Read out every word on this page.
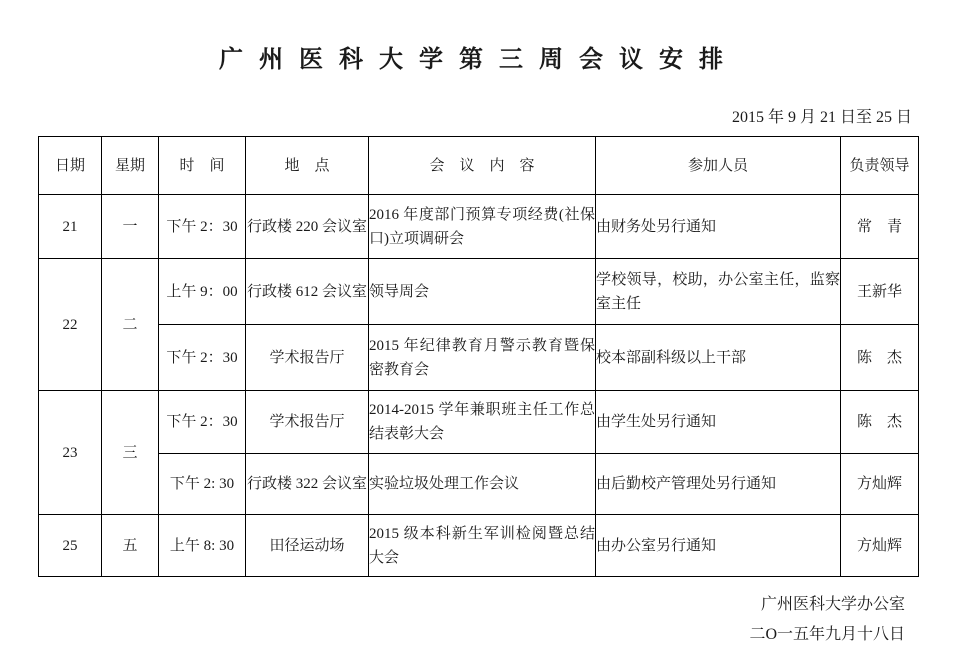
广州医科大学第三周会议安排
2015 年 9 月 21 日至 25 日
日期	星期	时　间	地　点	会　议　内　容	参加人员	负责领导
21	一	下午 2：30	行政楼 220 会议室	2016 年度部门预算专项经费(社保口)立项调研会	由财务处另行通知	常　青
22	二	上午 9：00	行政楼 612 会议室	领导周会	学校领导，校助，办公室主任，监察室主任	王新华
		下午 2：30	学术报告厅	2015 年纪律教育月警示教育暨保密教育会	校本部副科级以上干部	陈　杰
23	三	下午 2：30	学术报告厅	2014-2015 学年兼职班主任工作总结表彰大会	由学生处另行通知	陈　杰
		下午 2: 30	行政楼 322 会议室	实验垃圾处理工作会议	由后勤校产管理处另行通知	方灿辉
25	五	上午 8: 30	田径运动场	2015 级本科新生军训检阅暨总结大会	由办公室另行通知	方灿辉
广州医科大学办公室
二O一五年九月十八日
